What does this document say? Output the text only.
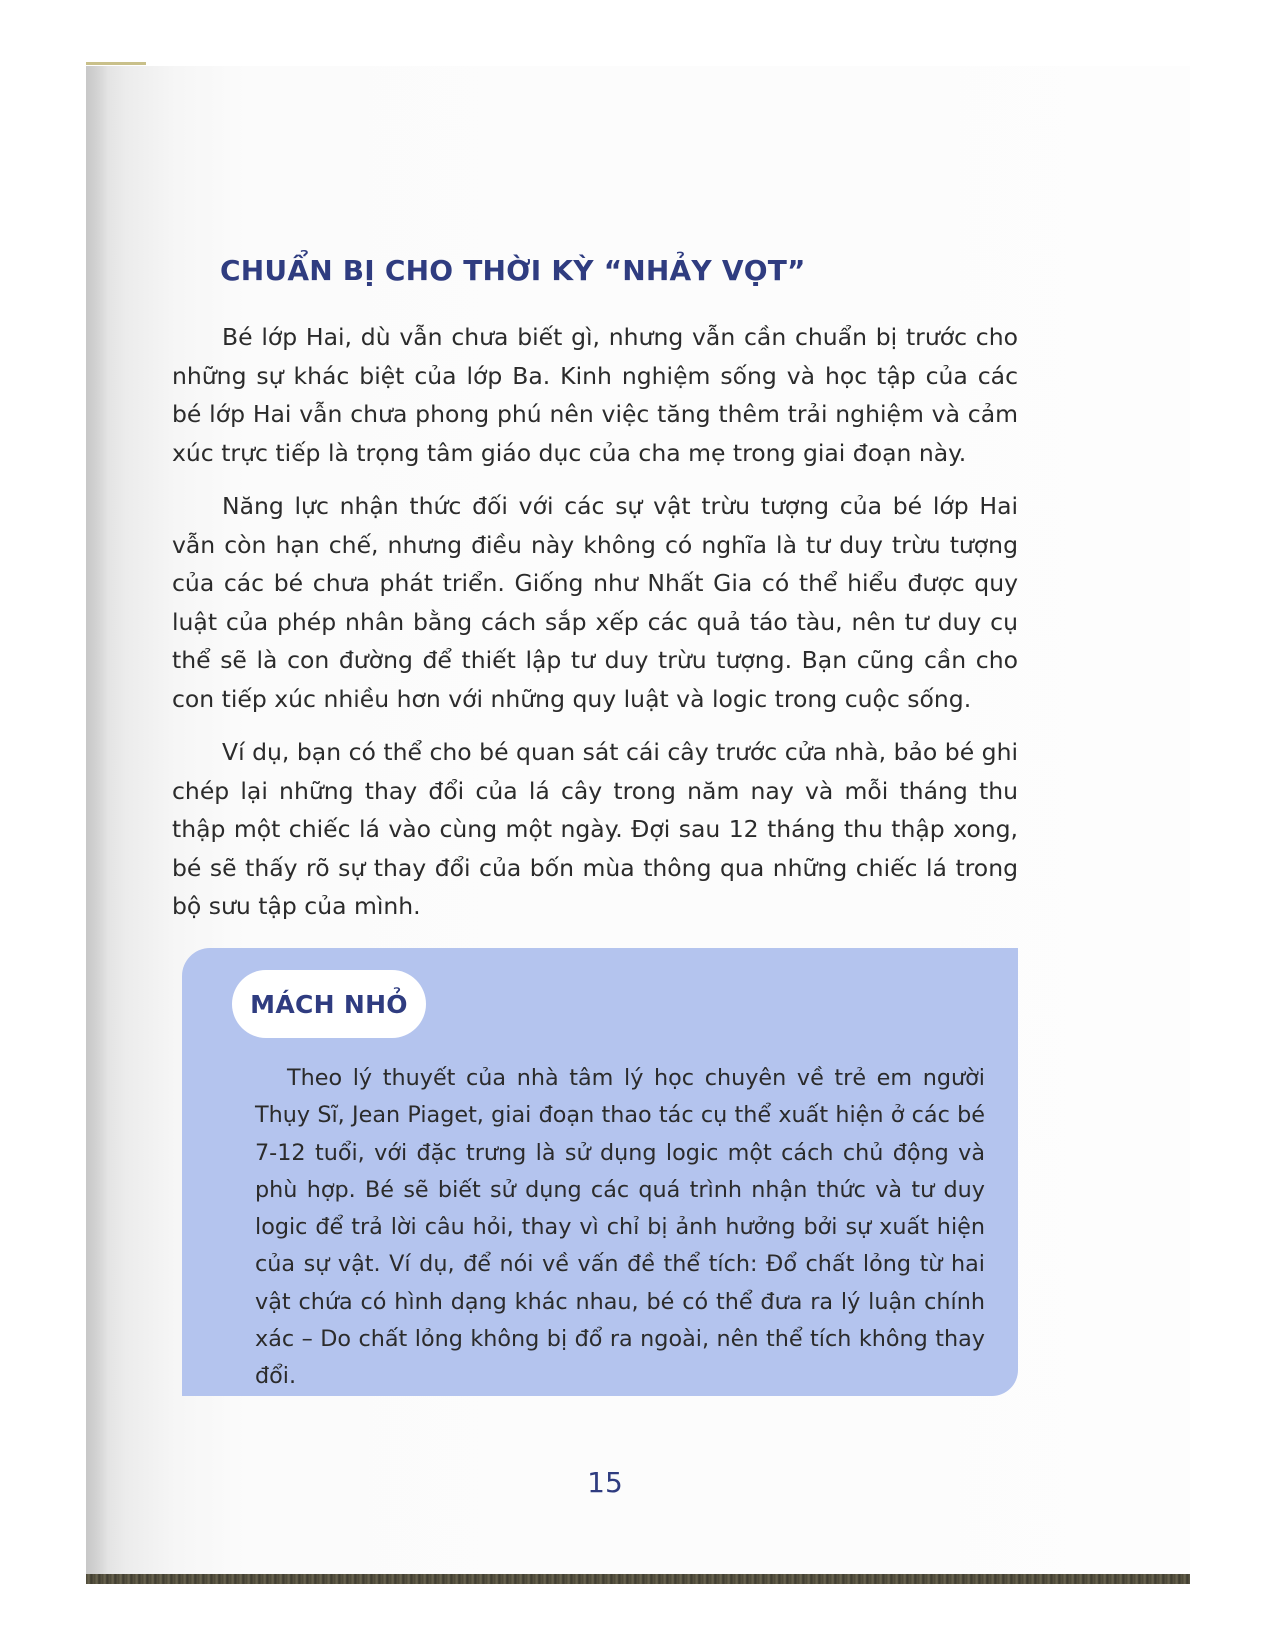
CHUẨN BỊ CHO THỜI KỲ “NHẢY VỌT”

Bé lớp Hai, dù vẫn chưa biết gì, nhưng vẫn cần chuẩn bị trước cho những sự khác biệt của lớp Ba. Kinh nghiệm sống và học tập của các bé lớp Hai vẫn chưa phong phú nên việc tăng thêm trải nghiệm và cảm xúc trực tiếp là trọng tâm giáo dục của cha mẹ trong giai đoạn này.

Năng lực nhận thức đối với các sự vật trừu tượng của bé lớp Hai vẫn còn hạn chế, nhưng điều này không có nghĩa là tư duy trừu tượng của các bé chưa phát triển. Giống như Nhất Gia có thể hiểu được quy luật của phép nhân bằng cách sắp xếp các quả táo tàu, nên tư duy cụ thể sẽ là con đường để thiết lập tư duy trừu tượng. Bạn cũng cần cho con tiếp xúc nhiều hơn với những quy luật và logic trong cuộc sống.

Ví dụ, bạn có thể cho bé quan sát cái cây trước cửa nhà, bảo bé ghi chép lại những thay đổi của lá cây trong năm nay và mỗi tháng thu thập một chiếc lá vào cùng một ngày. Đợi sau 12 tháng thu thập xong, bé sẽ thấy rõ sự thay đổi của bốn mùa thông qua những chiếc lá trong bộ sưu tập của mình.

MÁCH NHỎ

Theo lý thuyết của nhà tâm lý học chuyên về trẻ em người Thụy Sĩ, Jean Piaget, giai đoạn thao tác cụ thể xuất hiện ở các bé 7-12 tuổi, với đặc trưng là sử dụng logic một cách chủ động và phù hợp. Bé sẽ biết sử dụng các quá trình nhận thức và tư duy logic để trả lời câu hỏi, thay vì chỉ bị ảnh hưởng bởi sự xuất hiện của sự vật. Ví dụ, để nói về vấn đề thể tích: Đổ chất lỏng từ hai vật chứa có hình dạng khác nhau, bé có thể đưa ra lý luận chính xác – Do chất lỏng không bị đổ ra ngoài, nên thể tích không thay đổi.

15
